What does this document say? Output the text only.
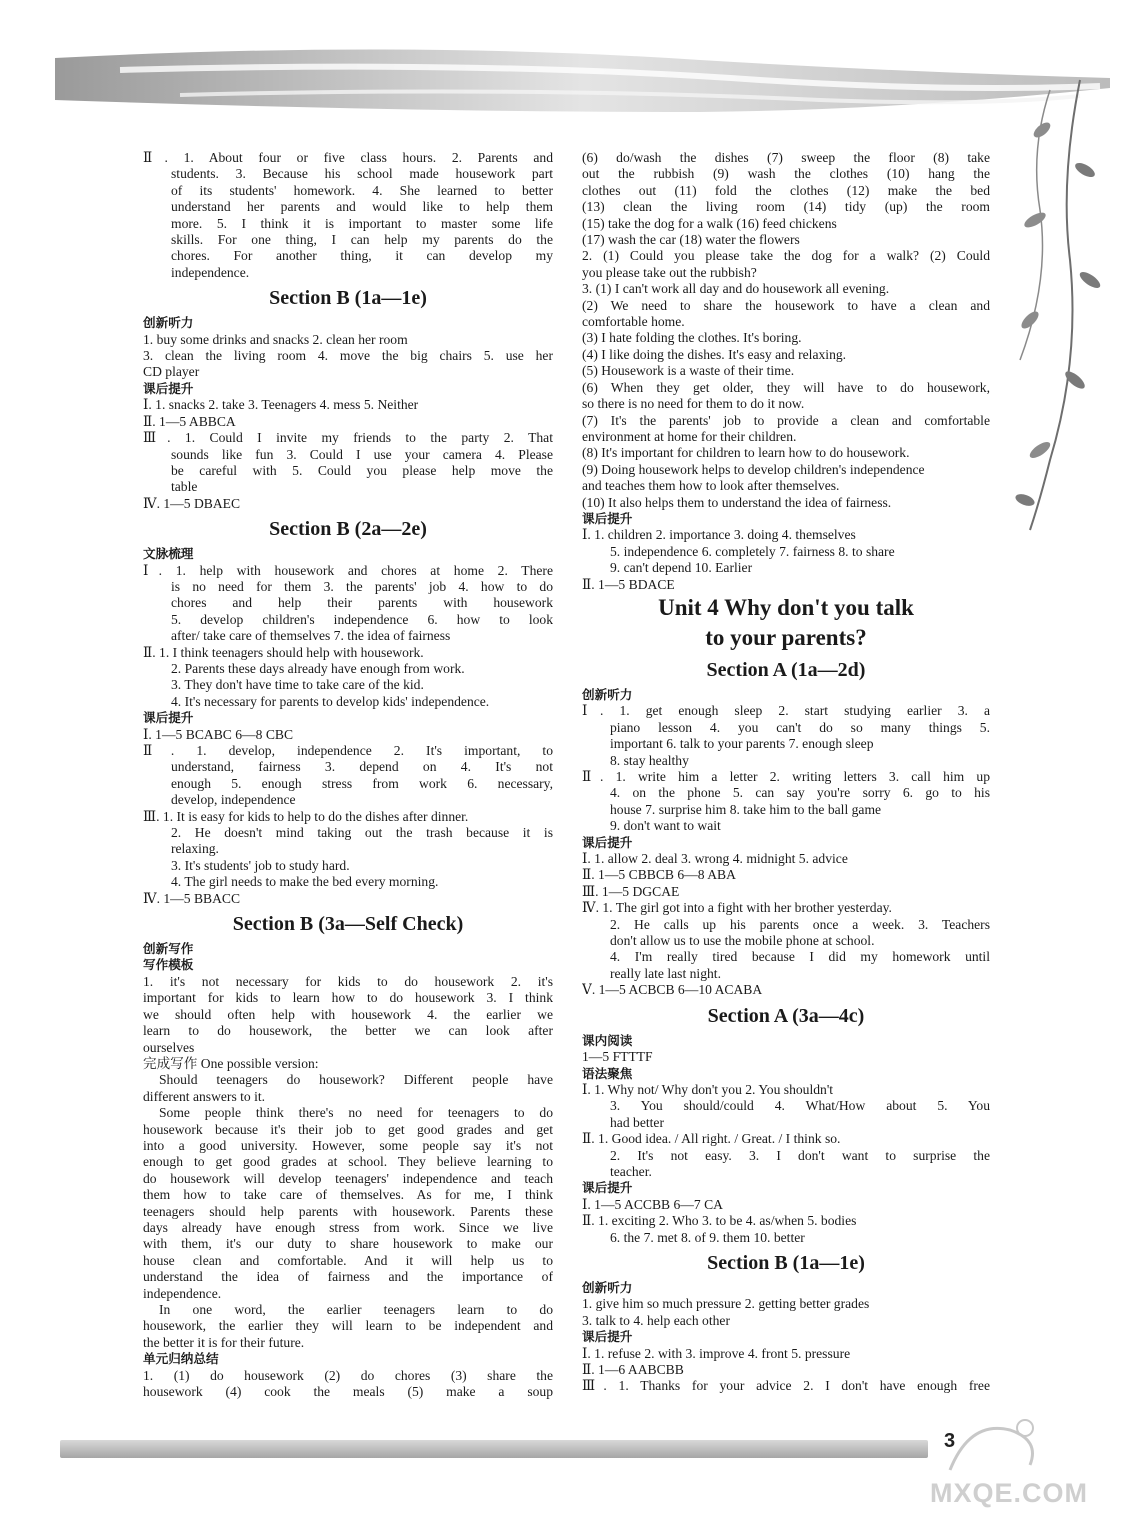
Ⅱ. 1. About four or five class hours. 2. Parents and
students. 3. Because his school made housework part
of its students' homework. 4. She learned to better
understand her parents and would like to help them
more. 5. I think it is important to master some life
skills. For one thing, I can help my parents do the
chores. For another thing, it can develop my
independence.
Section B (1a—1e)
创新听力
1. buy some drinks and snacks 2. clean her room
3. clean the living room 4. move the big chairs 5. use her
CD player
课后提升
Ⅰ. 1. snacks 2. take 3. Teenagers 4. mess 5. Neither
Ⅱ. 1—5 ABBCA
Ⅲ. 1. Could I invite my friends to the party 2. That
sounds like fun 3. Could I use your camera 4. Please
be careful with 5. Could you please help move the
table
Ⅳ. 1—5 DBAEC
Section B (2a—2e)
文脉梳理
Ⅰ. 1. help with housework and chores at home 2. There
is no need for them 3. the parents' job 4. how to do
chores and help their parents with housework
5. develop children's independence 6. how to look
after/ take care of themselves 7. the idea of fairness
Ⅱ. 1. I think teenagers should help with housework.
2. Parents these days already have enough from work.
3. They don't have time to take care of the kid.
4. It's necessary for parents to develop kids' independence.
课后提升
Ⅰ. 1—5 BCABC 6—8 CBC
Ⅱ. 1. develop, independence 2. It's important, to
understand, fairness 3. depend on 4. It's not
enough 5. enough stress from work 6. necessary,
develop, independence
Ⅲ. 1. It is easy for kids to help to do the dishes after dinner.
2. He doesn't mind taking out the trash because it is
relaxing.
3. It's students' job to study hard.
4. The girl needs to make the bed every morning.
Ⅳ. 1—5 BBACC
Section B (3a—Self Check)
创新写作
写作模板
1. it's not necessary for kids to do housework 2. it's
important for kids to learn how to do housework 3. I think
we should often help with housework 4. the earlier we
learn to do housework, the better we can look after
ourselves
完成写作 One possible version:
Should teenagers do housework? Different people have
different answers to it.
Some people think there's no need for teenagers to do
housework because it's their job to get good grades and get
into a good university. However, some people say it's not
enough to get good grades at school. They believe learning to
do housework will develop teenagers' independence and teach
them how to take care of themselves. As for me, I think
teenagers should help parents with housework. Parents these
days already have enough stress from work. Since we live
with them, it's our duty to share housework to make our
house clean and comfortable. And it will help us to
understand the idea of fairness and the importance of
independence.
In one word, the earlier teenagers learn to do
housework, the earlier they will learn to be independent and
the better it is for their future.
单元归纳总结
1. (1) do housework (2) do chores (3) share the
housework (4) cook the meals (5) make a soup
(6) do/wash the dishes (7) sweep the floor (8) take
out the rubbish (9) wash the clothes (10) hang the
clothes out (11) fold the clothes (12) make the bed
(13) clean the living room (14) tidy (up) the room
(15) take the dog for a walk (16) feed chickens
(17) wash the car (18) water the flowers
2. (1) Could you please take the dog for a walk? (2) Could
you please take out the rubbish?
3. (1) I can't work all day and do housework all evening.
(2) We need to share the housework to have a clean and
comfortable home.
(3) I hate folding the clothes. It's boring.
(4) I like doing the dishes. It's easy and relaxing.
(5) Housework is a waste of their time.
(6) When they get older, they will have to do housework,
so there is no need for them to do it now.
(7) It's the parents' job to provide a clean and comfortable
environment at home for their children.
(8) It's important for children to learn how to do housework.
(9) Doing housework helps to develop children's independence
and teaches them how to look after themselves.
(10) It also helps them to understand the idea of fairness.
课后提升
Ⅰ. 1. children 2. importance 3. doing 4. themselves
5. independence 6. completely 7. fairness 8. to share
9. can't depend 10. Earlier
Ⅱ. 1—5 BDACE
Unit 4 Why don't you talk
to your parents?
Section A (1a—2d)
创新听力
Ⅰ. 1. get enough sleep 2. start studying earlier 3. a
piano lesson 4. you can't do so many things 5.
important 6. talk to your parents 7. enough sleep
8. stay healthy
Ⅱ. 1. write him a letter 2. writing letters 3. call him up
4. on the phone 5. can say you're sorry 6. go to his
house 7. surprise him 8. take him to the ball game
9. don't want to wait
课后提升
Ⅰ. 1. allow 2. deal 3. wrong 4. midnight 5. advice
Ⅱ. 1—5 CBBCB 6—8 ABA
Ⅲ. 1—5 DGCAE
Ⅳ. 1. The girl got into a fight with her brother yesterday.
2. He calls up his parents once a week. 3. Teachers
don't allow us to use the mobile phone at school.
4. I'm really tired because I did my homework until
really late last night.
Ⅴ. 1—5 ACBCB 6—10 ACABA
Section A (3a—4c)
课内阅读
1—5 FTTTF
语法聚焦
Ⅰ. 1. Why not/ Why don't you 2. You shouldn't
3. You should/could 4. What/How about 5. You
had better
Ⅱ. 1. Good idea. / All right. / Great. / I think so.
2. It's not easy. 3. I don't want to surprise the
teacher.
课后提升
Ⅰ. 1—5 ACCBB 6—7 CA
Ⅱ. 1. exciting 2. Who 3. to be 4. as/when 5. bodies
6. the 7. met 8. of 9. them 10. better
Section B (1a—1e)
创新听力
1. give him so much pressure 2. getting better grades
3. talk to 4. help each other
课后提升
Ⅰ. 1. refuse 2. with 3. improve 4. front 5. pressure
Ⅱ. 1—6 AABCBB
Ⅲ. 1. Thanks for your advice 2. I don't have enough free
3
MXQE.COM
